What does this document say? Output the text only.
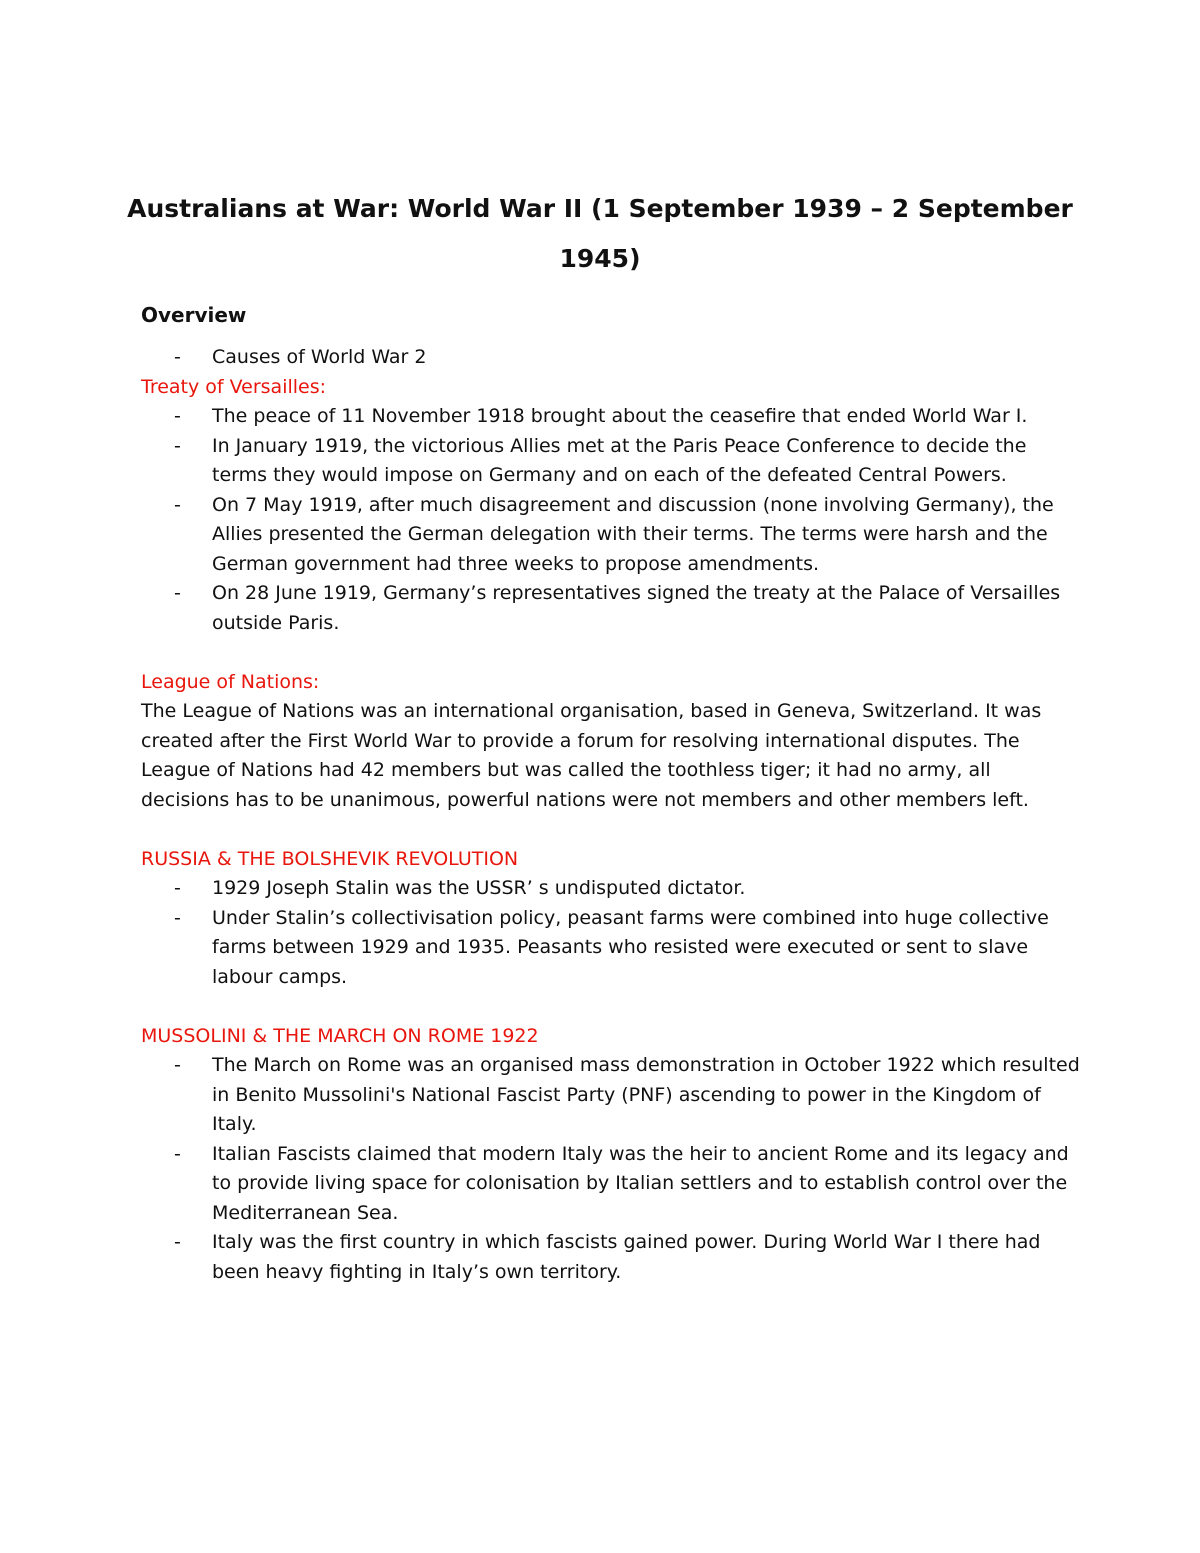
Australians at War: World War II (1 September 1939 – 2 September 1945)
Overview
- Causes of World War 2

Treaty of Versailles:

- The peace of 11 November 1918 brought about the ceasefire that ended World War I.
- In January 1919, the victorious Allies met at the Paris Peace Conference to decide the terms they would impose on Germany and on each of the defeated Central Powers.
- On 7 May 1919, after much disagreement and discussion (none involving Germany), the Allies presented the German delegation with their terms. The terms were harsh and the German government had three weeks to propose amendments.
- On 28 June 1919, Germany’s representatives signed the treaty at the Palace of Versailles outside Paris.

League of Nations:

The League of Nations was an international organisation, based in Geneva, Switzerland. It was created after the First World War to provide a forum for resolving international disputes. The League of Nations had 42 members but was called the toothless tiger; it had no army, all decisions has to be unanimous, powerful nations were not members and other members left.

RUSSIA & THE BOLSHEVIK REVOLUTION

- 1929 Joseph Stalin was the USSR’ s undisputed dictator.
- Under Stalin’s collectivisation policy, peasant farms were combined into huge collective farms between 1929 and 1935. Peasants who resisted were executed or sent to slave labour camps.

MUSSOLINI & THE MARCH ON ROME 1922

- The March on Rome was an organised mass demonstration in October 1922 which resulted in Benito Mussolini's National Fascist Party (PNF) ascending to power in the Kingdom of Italy.
- Italian Fascists claimed that modern Italy was the heir to ancient Rome and its legacy and to provide living space for colonisation by Italian settlers and to establish control over the Mediterranean Sea.
- Italy was the first country in which fascists gained power. During World War I there had been heavy fighting in Italy’s own territory.
